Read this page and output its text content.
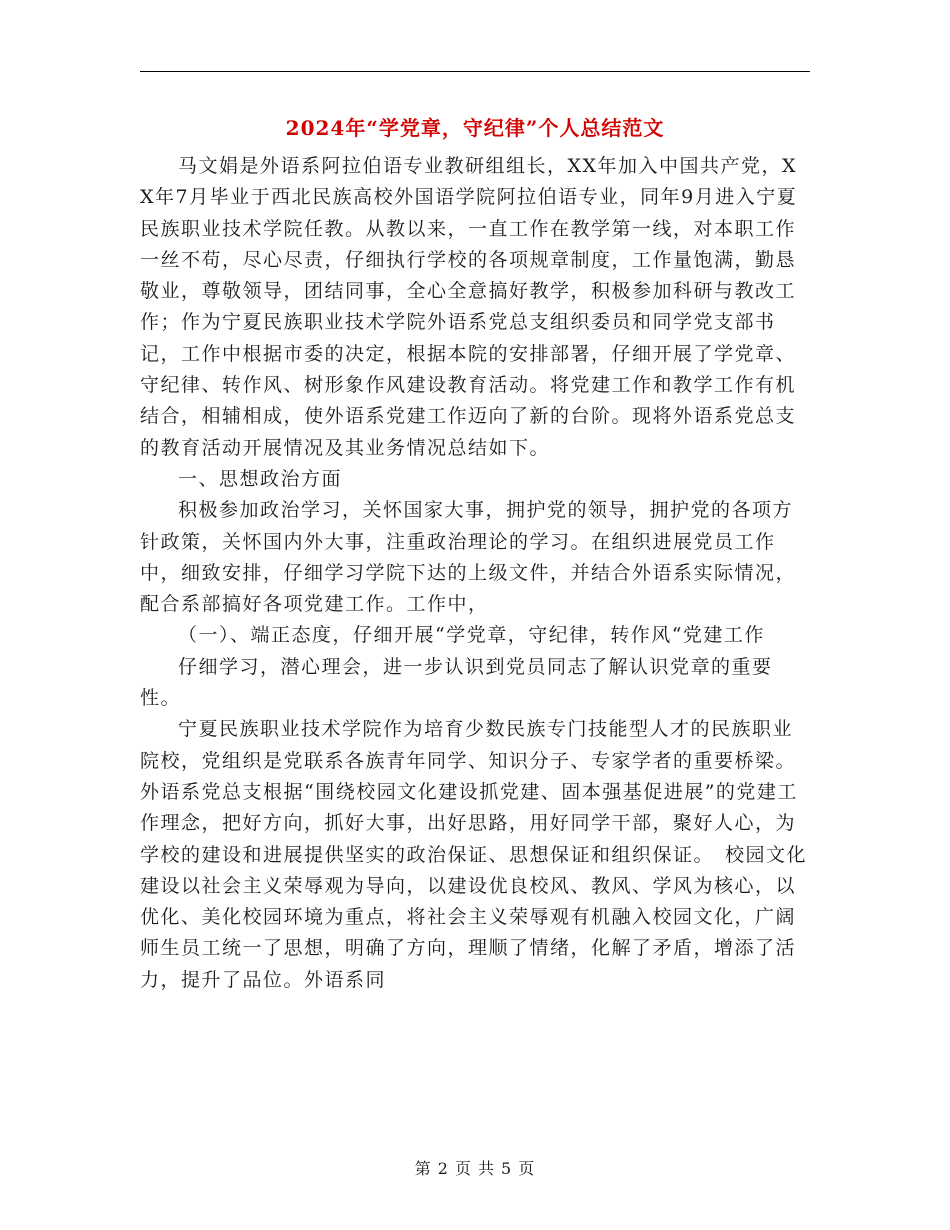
2024年“学党章，守纪律”个人总结范文

马文娟是外语系阿拉伯语专业教研组组长，XX年加入中国共产党，XX年7月毕业于西北民族高校外国语学院阿拉伯语专业，同年9月进入宁夏民族职业技术学院任教。从教以来，一直工作在教学第一线，对本职工作一丝不苟，尽心尽责，仔细执行学校的各项规章制度，工作量饱满，勤恳敬业，尊敬领导，团结同事，全心全意搞好教学，积极参加科研与教改工作；作为宁夏民族职业技术学院外语系党总支组织委员和同学党支部书记，工作中根据市委的决定，根据本院的安排部署，仔细开展了学党章、守纪律、转作风、树形象作风建设教育活动。将党建工作和教学工作有机结合，相辅相成，使外语系党建工作迈向了新的台阶。现将外语系党总支的教育活动开展情况及其业务情况总结如下。

一、思想政治方面

积极参加政治学习，关怀国家大事，拥护党的领导，拥护党的各项方针政策，关怀国内外大事，注重政治理论的学习。在组织进展党员工作中，细致安排，仔细学习学院下达的上级文件，并结合外语系实际情况，配合系部搞好各项党建工作。工作中，

（一）、端正态度，仔细开展“学党章，守纪律，转作风“党建工作

仔细学习，潜心理会，进一步认识到党员同志了解认识党章的重要性。

宁夏民族职业技术学院作为培育少数民族专门技能型人才的民族职业院校，党组织是党联系各族青年同学、知识分子、专家学者的重要桥梁。外语系党总支根据“围绕校园文化建设抓党建、固本强基促进展”的党建工作理念，把好方向，抓好大事，出好思路，用好同学干部，聚好人心，为学校的建设和进展提供坚实的政治保证、思想保证和组织保证。　校园文化建设以社会主义荣辱观为导向，以建设优良校风、教风、学风为核心，以优化、美化校园环境为重点，将社会主义荣辱观有机融入校园文化，广阔师生员工统一了思想，明确了方向，理顺了情绪，化解了矛盾，增添了活力，提升了品位。外语系同

第 2 页 共 5 页
